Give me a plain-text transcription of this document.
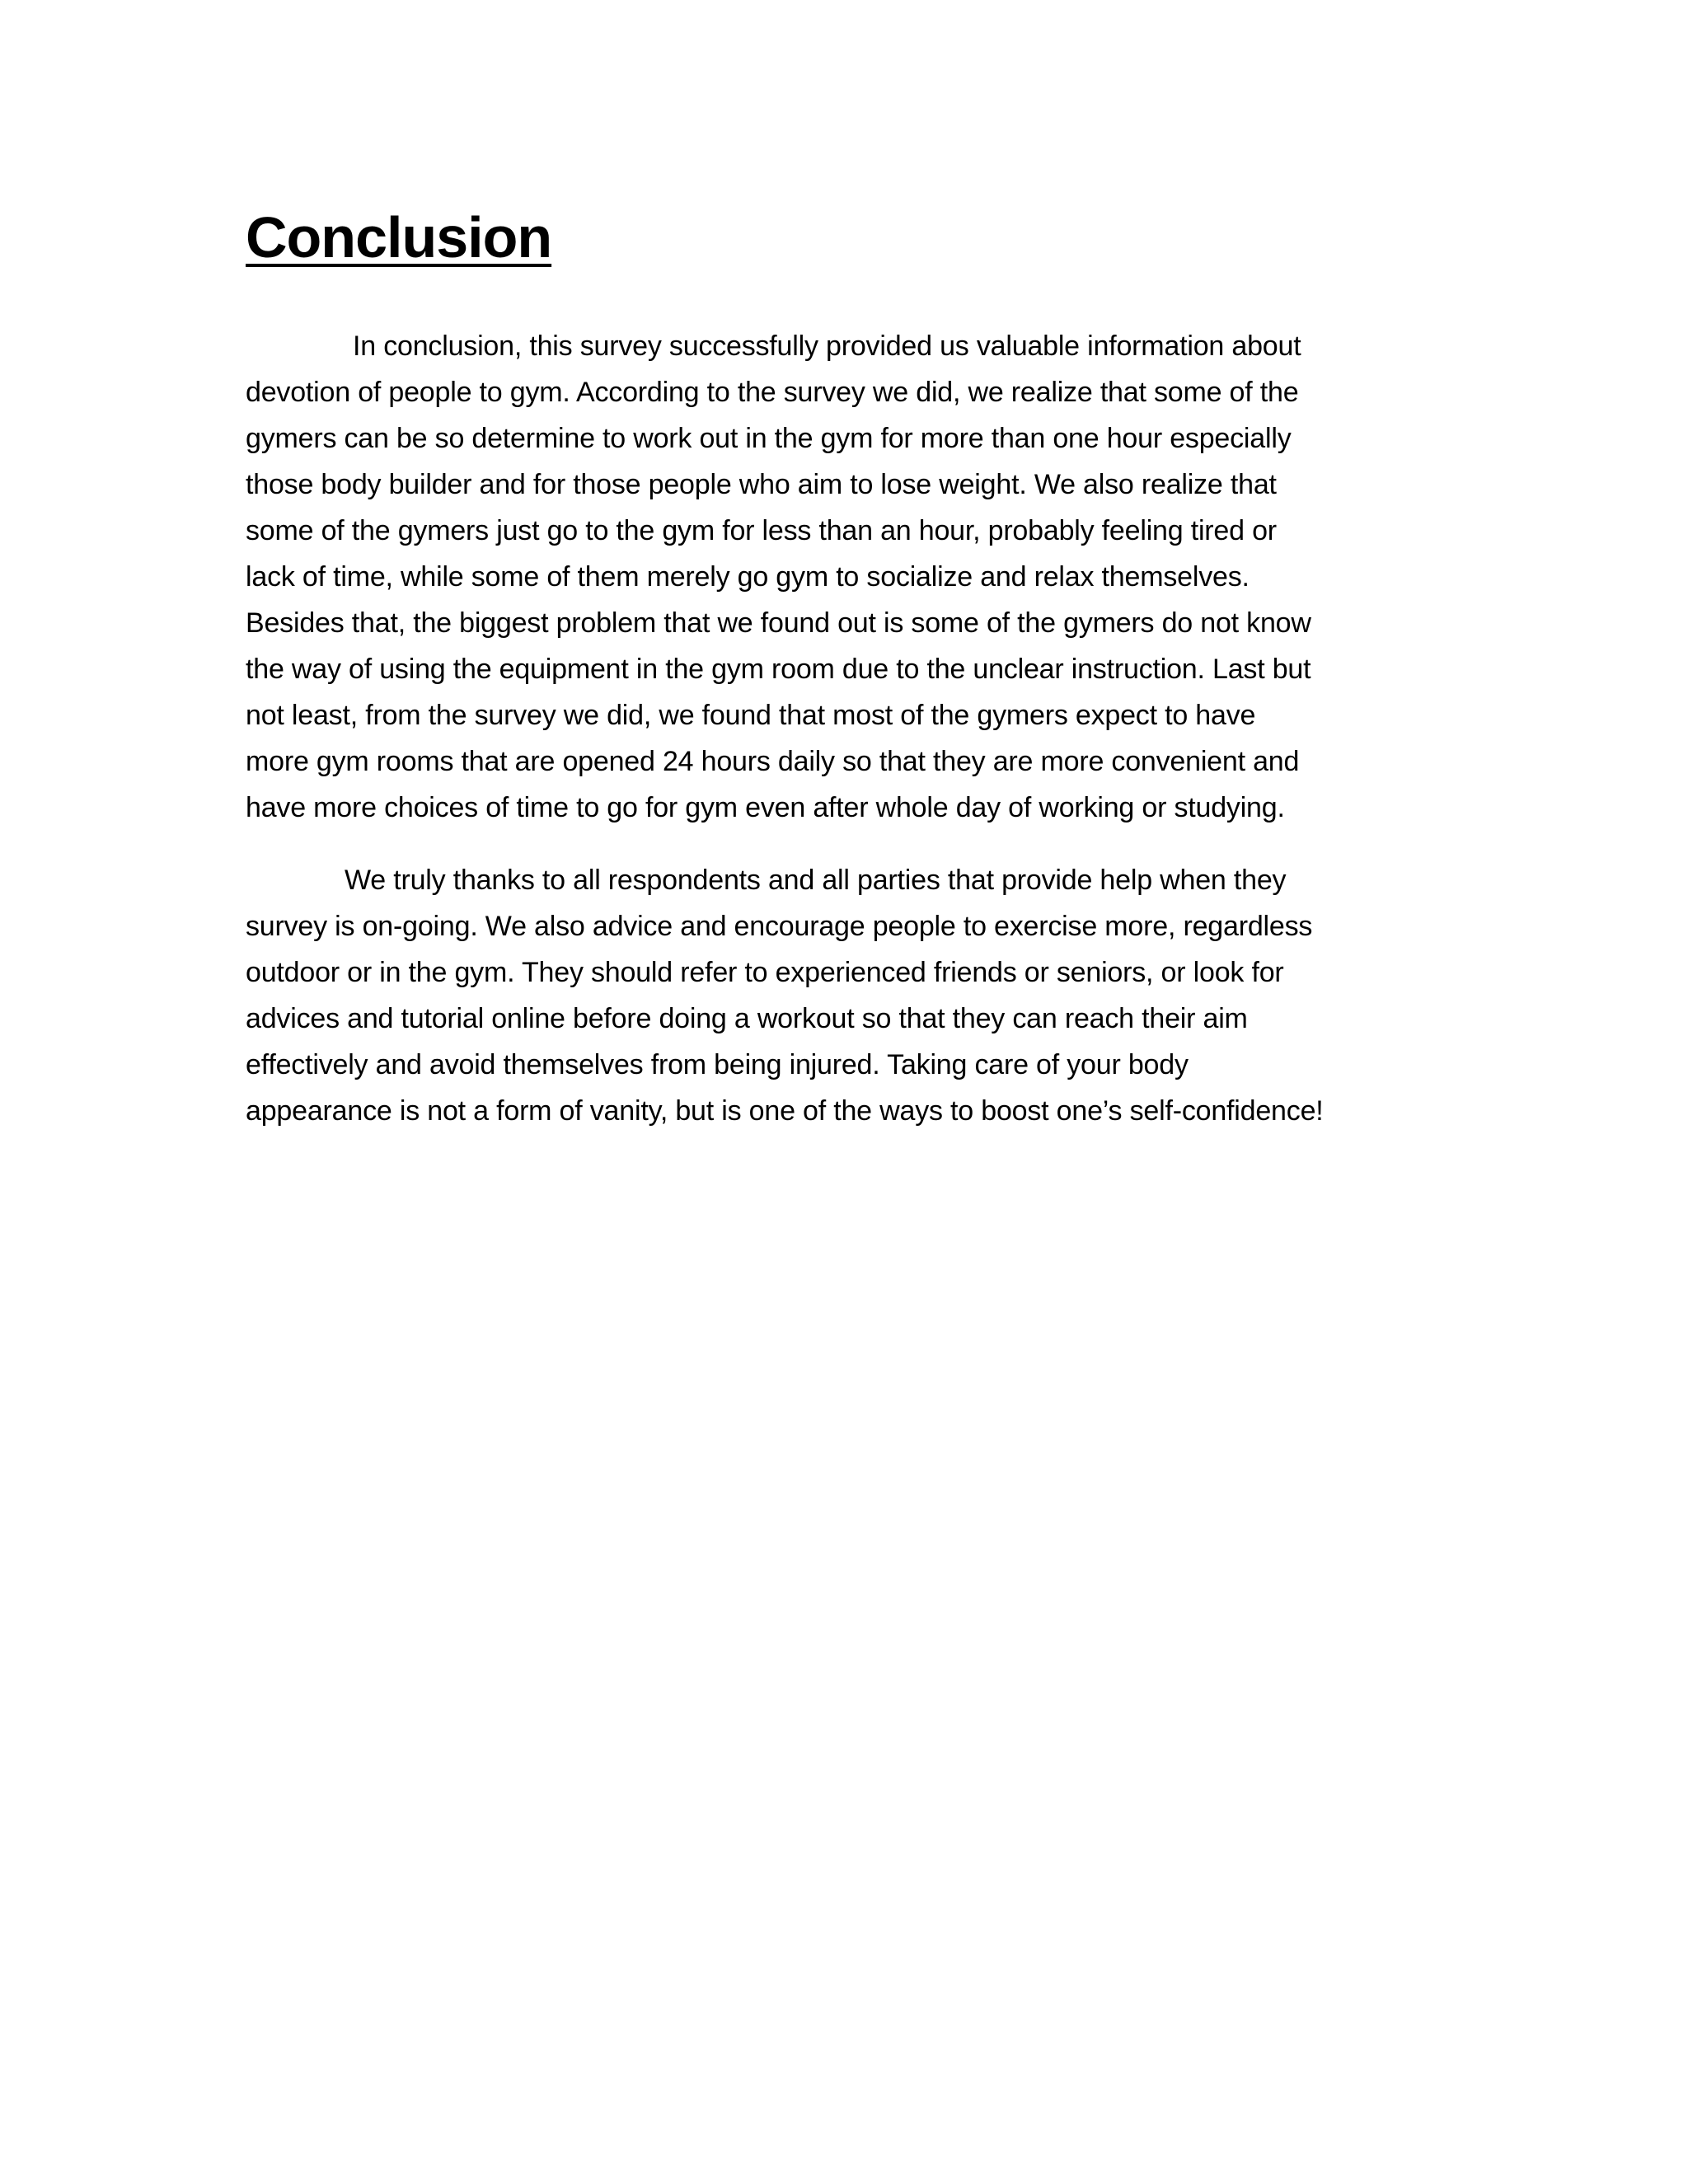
Conclusion

In conclusion, this survey successfully provided us valuable information about
devotion of people to gym. According to the survey we did, we realize that some of the
gymers can be so determine to work out in the gym for more than one hour especially
those body builder and for those people who aim to lose weight. We also realize that
some of the gymers just go to the gym for less than an hour, probably feeling tired or
lack of time, while some of them merely go gym to socialize and relax themselves.
Besides that, the biggest problem that we found out is some of the gymers do not know
the way of using the equipment in the gym room due to the unclear instruction. Last but
not least, from the survey we did, we found that most of the gymers expect to have
more gym rooms that are opened 24 hours daily so that they are more convenient and
have more choices of time to go for gym even after whole day of working or studying.

We truly thanks to all respondents and all parties that provide help when they
survey is on-going. We also advice and encourage people to exercise more, regardless
outdoor or in the gym. They should refer to experienced friends or seniors, or look for
advices and tutorial online before doing a workout so that they can reach their aim
effectively and avoid themselves from being injured. Taking care of your body
appearance is not a form of vanity, but is one of the ways to boost one’s self-confidence!
